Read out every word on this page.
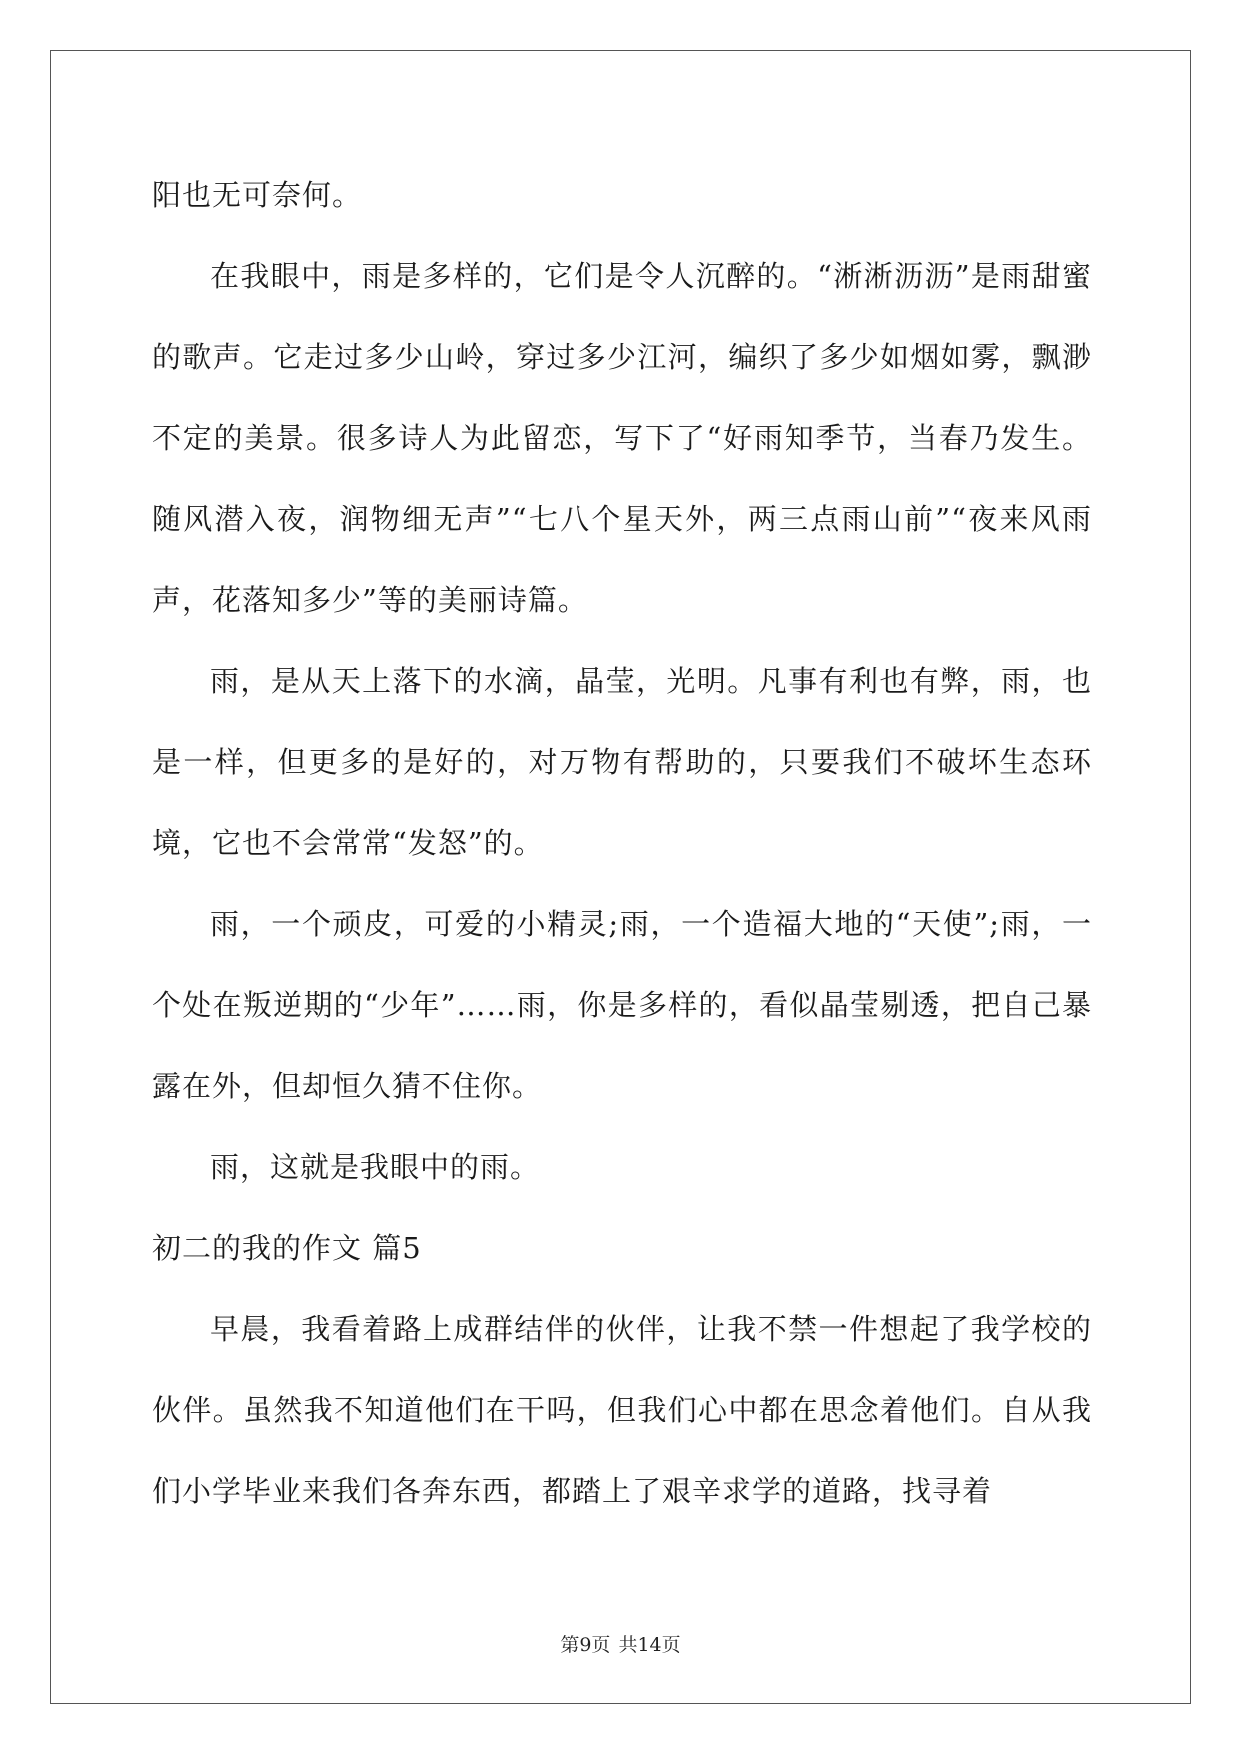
阳也无可奈何。

在我眼中，雨是多样的，它们是令人沉醉的。“淅淅沥沥”是雨甜蜜的歌声。它走过多少山岭，穿过多少江河，编织了多少如烟如雾，飘渺不定的美景。很多诗人为此留恋，写下了“好雨知季节，当春乃发生。随风潜入夜，润物细无声”“七八个星天外，两三点雨山前”“夜来风雨声，花落知多少”等的美丽诗篇。

雨，是从天上落下的水滴，晶莹，光明。凡事有利也有弊，雨，也是一样，但更多的是好的，对万物有帮助的，只要我们不破坏生态环境，它也不会常常“发怒”的。

雨，一个顽皮，可爱的小精灵;雨，一个造福大地的“天使”;雨，一个处在叛逆期的“少年”……雨，你是多样的，看似晶莹剔透，把自己暴露在外，但却恒久猜不住你。

雨，这就是我眼中的雨。

初二的我的作文 篇5

早晨，我看着路上成群结伴的伙伴，让我不禁一件想起了我学校的伙伴。虽然我不知道他们在干吗，但我们心中都在思念着他们。自从我们小学毕业来我们各奔东西，都踏上了艰辛求学的道路，找寻着

第9页 共14页
